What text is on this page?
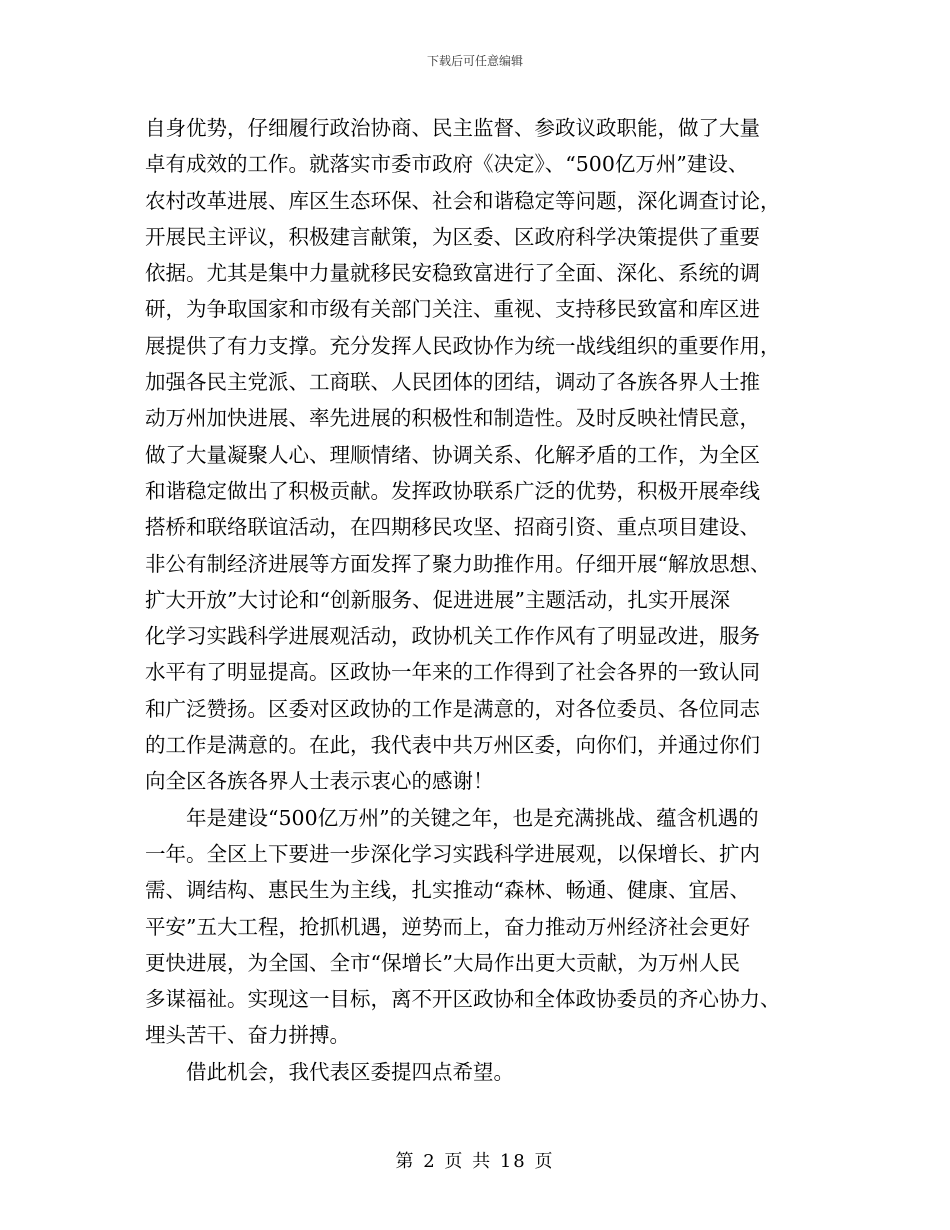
下载后可任意编辑
自身优势，仔细履行政治协商、民主监督、参政议政职能，做了大量
卓有成效的工作。就落实市委市政府《决定》、“500亿万州”建设、
农村改革进展、库区生态环保、社会和谐稳定等问题，深化调查讨论，
开展民主评议，积极建言献策，为区委、区政府科学决策提供了重要
依据。尤其是集中力量就移民安稳致富进行了全面、深化、系统的调
研，为争取国家和市级有关部门关注、重视、支持移民致富和库区进
展提供了有力支撑。充分发挥人民政协作为统一战线组织的重要作用，
加强各民主党派、工商联、人民团体的团结，调动了各族各界人士推
动万州加快进展、率先进展的积极性和制造性。及时反映社情民意，
做了大量凝聚人心、理顺情绪、协调关系、化解矛盾的工作，为全区
和谐稳定做出了积极贡献。发挥政协联系广泛的优势，积极开展牵线
搭桥和联络联谊活动，在四期移民攻坚、招商引资、重点项目建设、
非公有制经济进展等方面发挥了聚力助推作用。仔细开展“解放思想、
扩大开放”大讨论和“创新服务、促进进展”主题活动，扎实开展深
化学习实践科学进展观活动，政协机关工作作风有了明显改进，服务
水平有了明显提高。区政协一年来的工作得到了社会各界的一致认同
和广泛赞扬。区委对区政协的工作是满意的，对各位委员、各位同志
的工作是满意的。在此，我代表中共万州区委，向你们，并通过你们
向全区各族各界人士表示衷心的感谢！
年是建设“500亿万州”的关键之年，也是充满挑战、蕴含机遇的
一年。全区上下要进一步深化学习实践科学进展观，以保增长、扩内
需、调结构、惠民生为主线，扎实推动“森林、畅通、健康、宜居、
平安”五大工程，抢抓机遇，逆势而上，奋力推动万州经济社会更好
更快进展，为全国、全市“保增长”大局作出更大贡献，为万州人民
多谋福祉。实现这一目标，离不开区政协和全体政协委员的齐心协力、
埋头苦干、奋力拼搏。
借此机会，我代表区委提四点希望。
第 2 页 共 18 页
